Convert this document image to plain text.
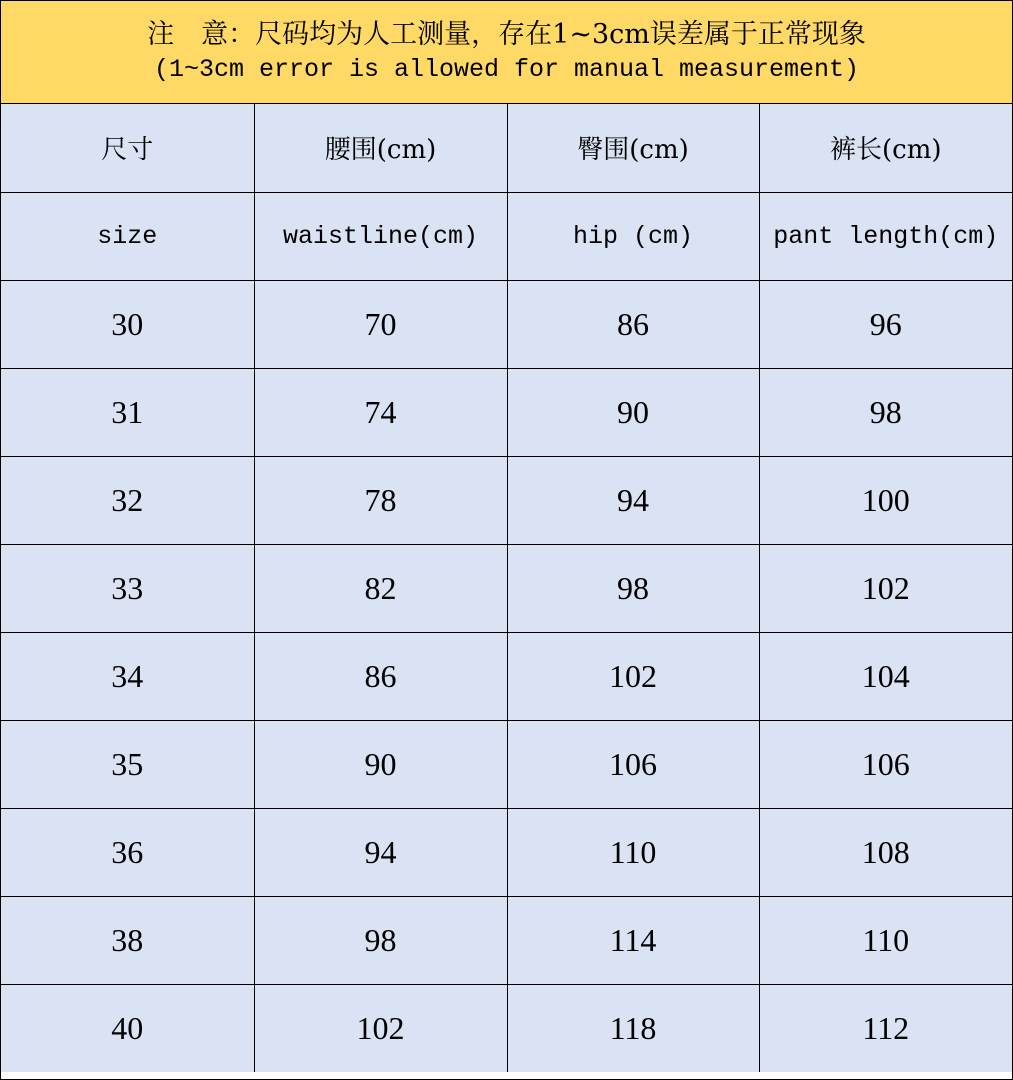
注　意：尺码均为人工测量，存在1~3cm误差属于正常现象
(1~3cm error is allowed for manual measurement)
尺寸	腰围(cm)	臀围(cm)	裤长(cm)
size	waistline(cm)	hip (cm)	pant length(cm)
30	70	86	96
31	74	90	98
32	78	94	100
33	82	98	102
34	86	102	104
35	90	106	106
36	94	110	108
38	98	114	110
40	102	118	112
